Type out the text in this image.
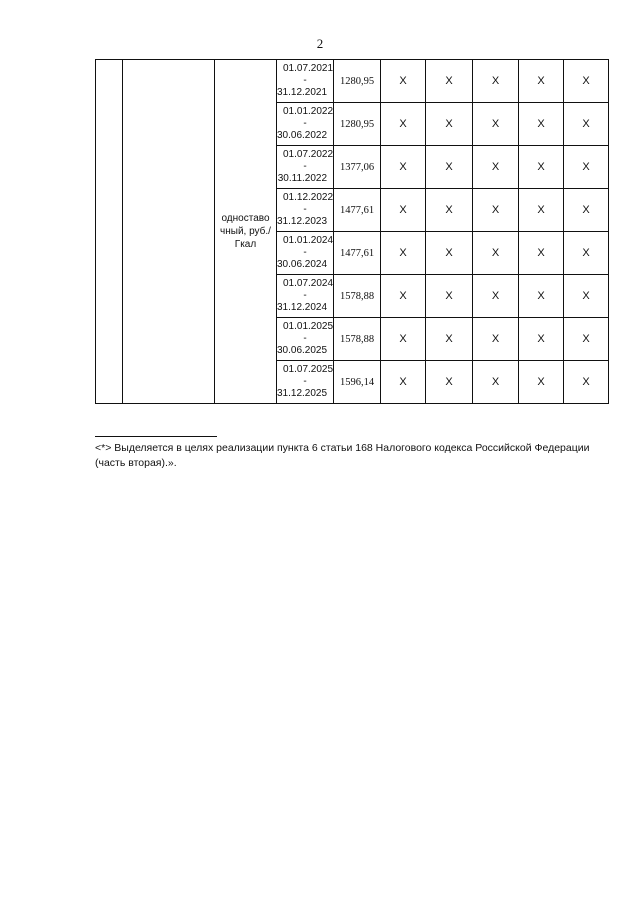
2
		одноставо чный, руб./Гкал	01.07.2021
-
31.12.2021	1280,95	Х	Х	Х	Х	Х

			01.01.2022
-
30.06.2022	1280,95	Х	Х	Х	Х	Х

			01.07.2022
-
30.11.2022	1377,06	Х	Х	Х	Х	Х

			01.12.2022
-
31.12.2023	1477,61	Х	Х	Х	Х	Х

			01.01.2024
-
30.06.2024	1477,61	Х	Х	Х	Х	Х

			01.07.2024
-
31.12.2024	1578,88	Х	Х	Х	Х	Х

			01.01.2025
-
30.06.2025	1578,88	Х	Х	Х	Х	Х

			01.07.2025
-
31.12.2025	1596,14	Х	Х	Х	Х	Х
<*> Выделяется в целях реализации пункта 6 статьи 168 Налогового кодекса Российской Федерации (часть вторая).».
